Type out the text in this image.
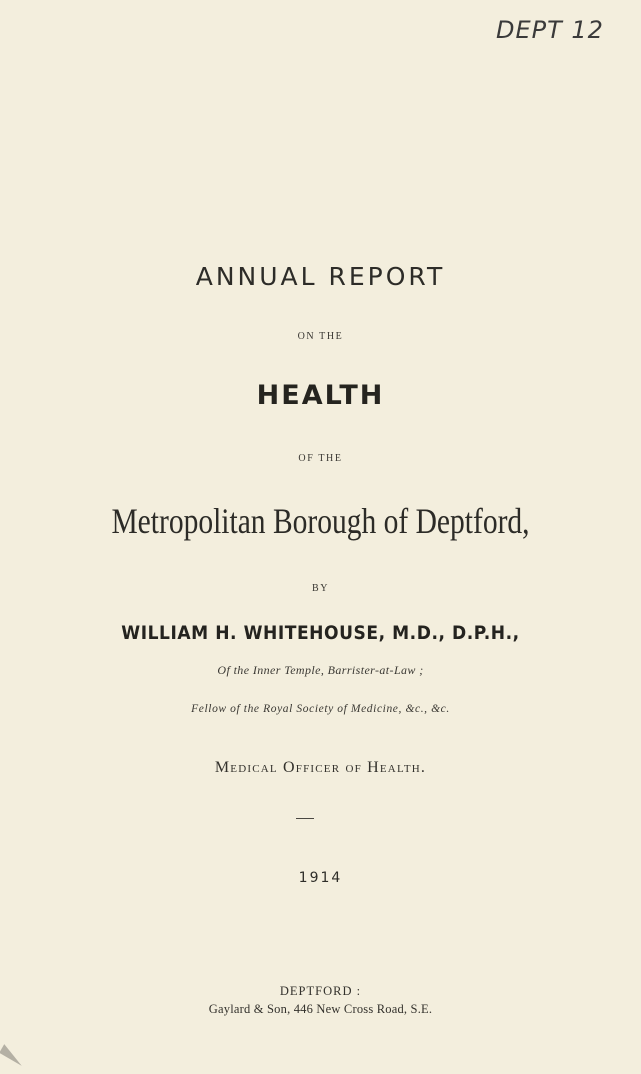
DEPT 12
ANNUAL REPORT
ON THE
HEALTH
OF THE
Metropolitan Borough of Deptford,
BY
WILLIAM H. WHITEHOUSE, M.D., D.P.H.,
Of the Inner Temple, Barrister-at-Law ;
Fellow of the Royal Society of Medicine, &c., &c.
Medical Officer of Health.
1914
DEPTFORD :
Gaylard & Son, 446 New Cross Road, S.E.
